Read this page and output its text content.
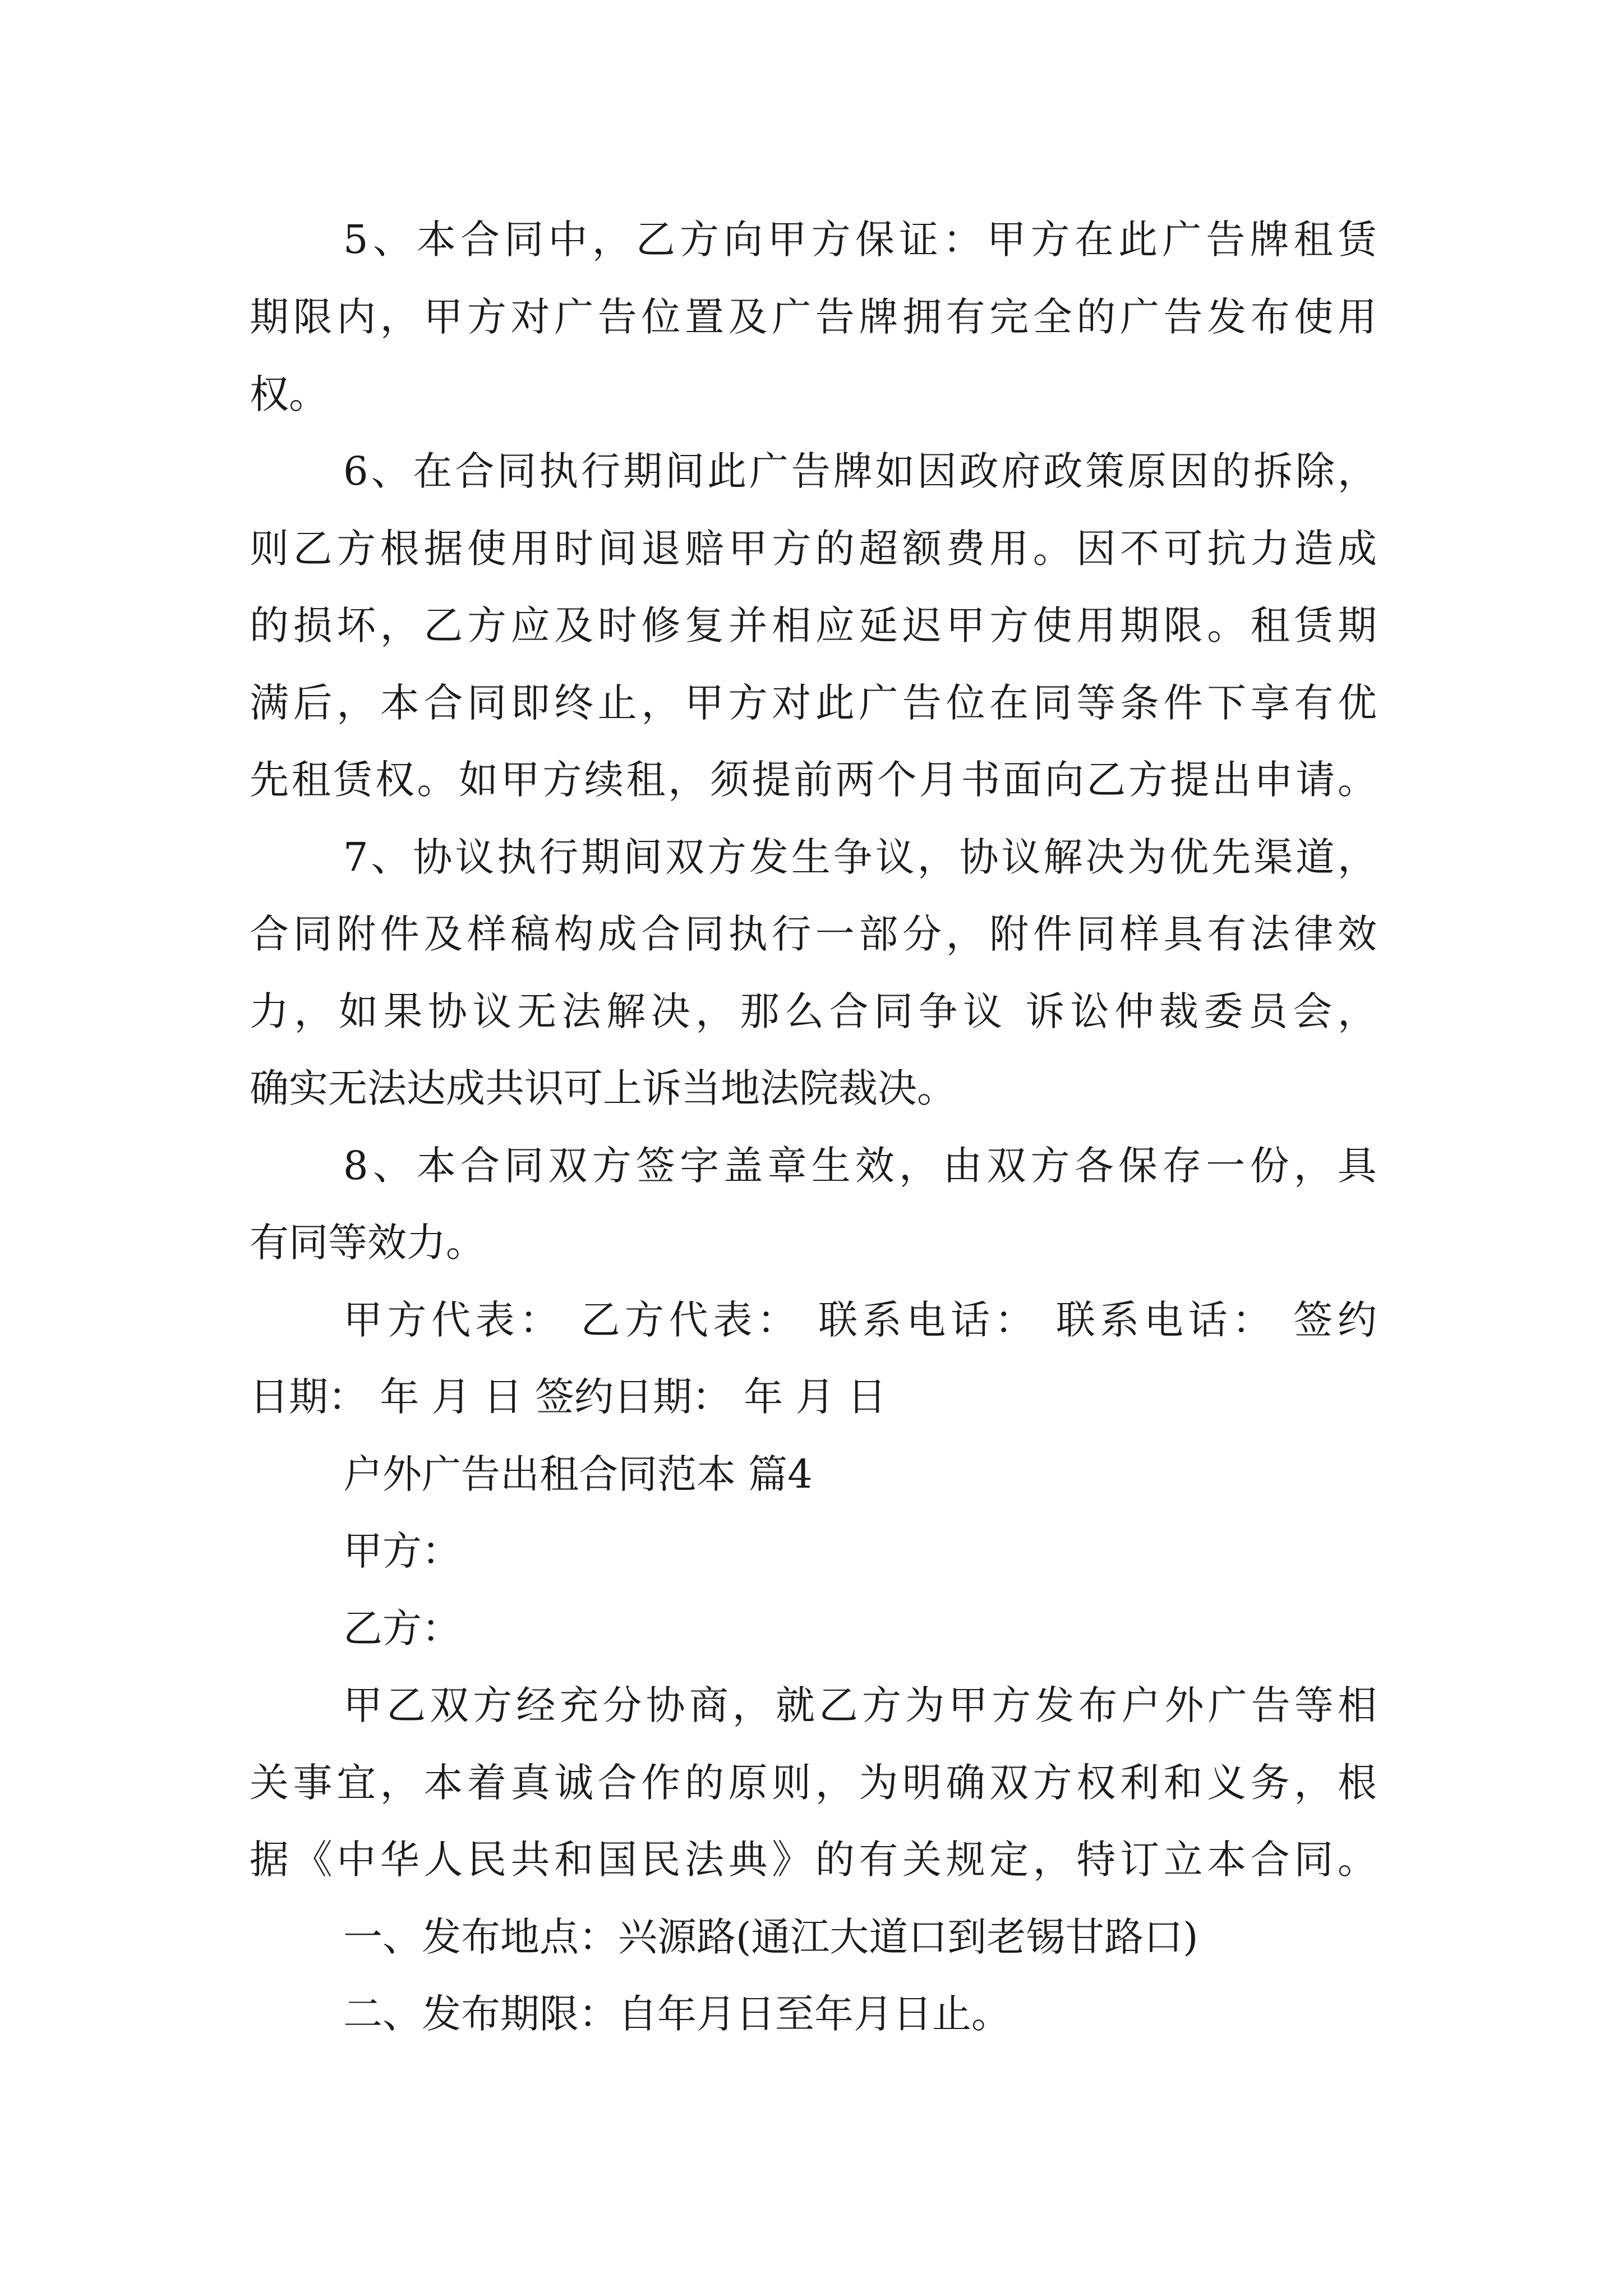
5、本合同中，乙方向甲方保证：甲方在此广告牌租赁
期限内，甲方对广告位置及广告牌拥有完全的广告发布使用
权。
6、在合同执行期间此广告牌如因政府政策原因的拆除，
则乙方根据使用时间退赔甲方的超额费用。因不可抗力造成
的损坏，乙方应及时修复并相应延迟甲方使用期限。租赁期
满后，本合同即终止，甲方对此广告位在同等条件下享有优
先租赁权。如甲方续租，须提前两个月书面向乙方提出申请。
7、协议执行期间双方发生争议，协议解决为优先渠道，
合同附件及样稿构成合同执行一部分，附件同样具有法律效
力，如果协议无法解决，那么合同争议 诉讼仲裁委员会，
确实无法达成共识可上诉当地法院裁决。
8、本合同双方签字盖章生效，由双方各保存一份，具
有同等效力。
甲方代表： 乙方代表： 联系电话： 联系电话： 签约
日期： 年 月 日 签约日期： 年 月 日
户外广告出租合同范本 篇4
甲方：
乙方：
甲乙双方经充分协商，就乙方为甲方发布户外广告等相
关事宜，本着真诚合作的原则，为明确双方权利和义务，根
据《中华人民共和国民法典》的有关规定，特订立本合同。
一、发布地点：兴源路(通江大道口到老锡甘路口)
二、发布期限：自年月日至年月日止。
